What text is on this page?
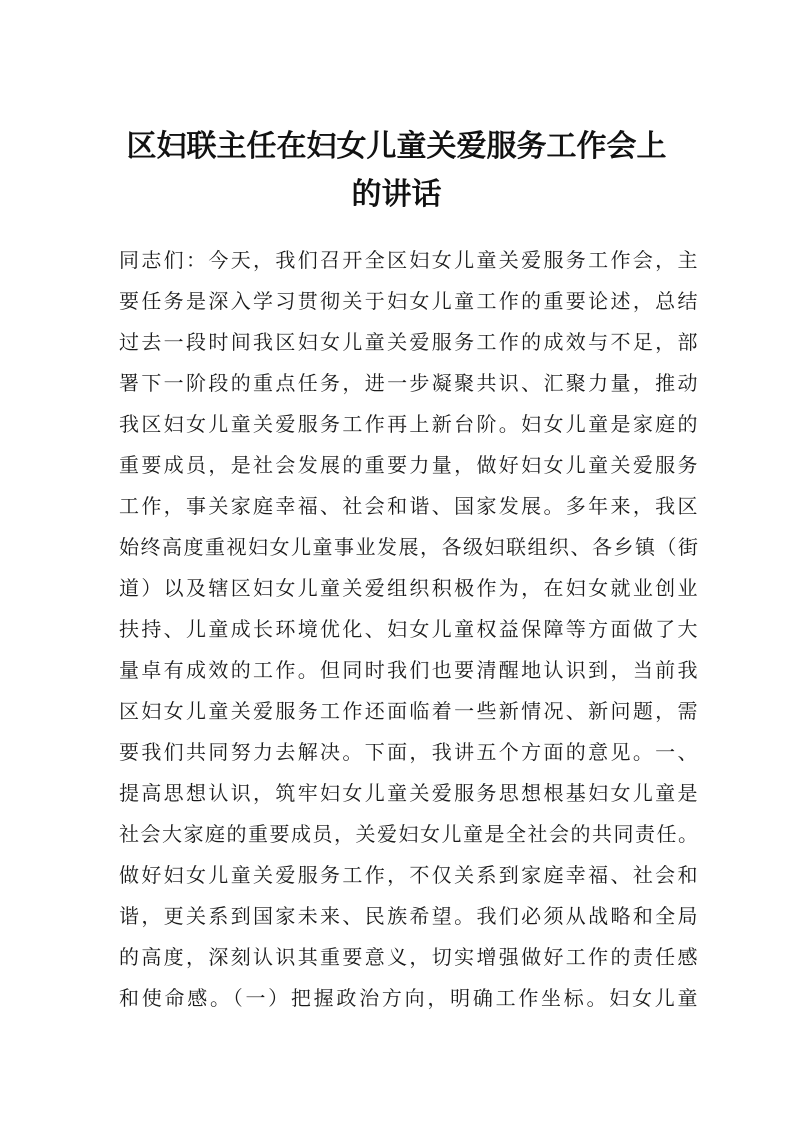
区妇联主任在妇女儿童关爱服务工作会上
的讲话
同志们：今天，我们召开全区妇女儿童关爱服务工作会，主
要任务是深入学习贯彻关于妇女儿童工作的重要论述，总结
过去一段时间我区妇女儿童关爱服务工作的成效与不足，部
署下一阶段的重点任务，进一步凝聚共识、汇聚力量，推动
我区妇女儿童关爱服务工作再上新台阶。妇女儿童是家庭的
重要成员，是社会发展的重要力量，做好妇女儿童关爱服务
工作，事关家庭幸福、社会和谐、国家发展。多年来，我区
始终高度重视妇女儿童事业发展，各级妇联组织、各乡镇（街
道）以及辖区妇女儿童关爱组织积极作为，在妇女就业创业
扶持、儿童成长环境优化、妇女儿童权益保障等方面做了大
量卓有成效的工作。但同时我们也要清醒地认识到，当前我
区妇女儿童关爱服务工作还面临着一些新情况、新问题，需
要我们共同努力去解决。下面，我讲五个方面的意见。一、
提高思想认识，筑牢妇女儿童关爱服务思想根基妇女儿童是
社会大家庭的重要成员，关爱妇女儿童是全社会的共同责任。
做好妇女儿童关爱服务工作，不仅关系到家庭幸福、社会和
谐，更关系到国家未来、民族希望。我们必须从战略和全局
的高度，深刻认识其重要意义，切实增强做好工作的责任感
和使命感。（一）把握政治方向，明确工作坐标。妇女儿童
